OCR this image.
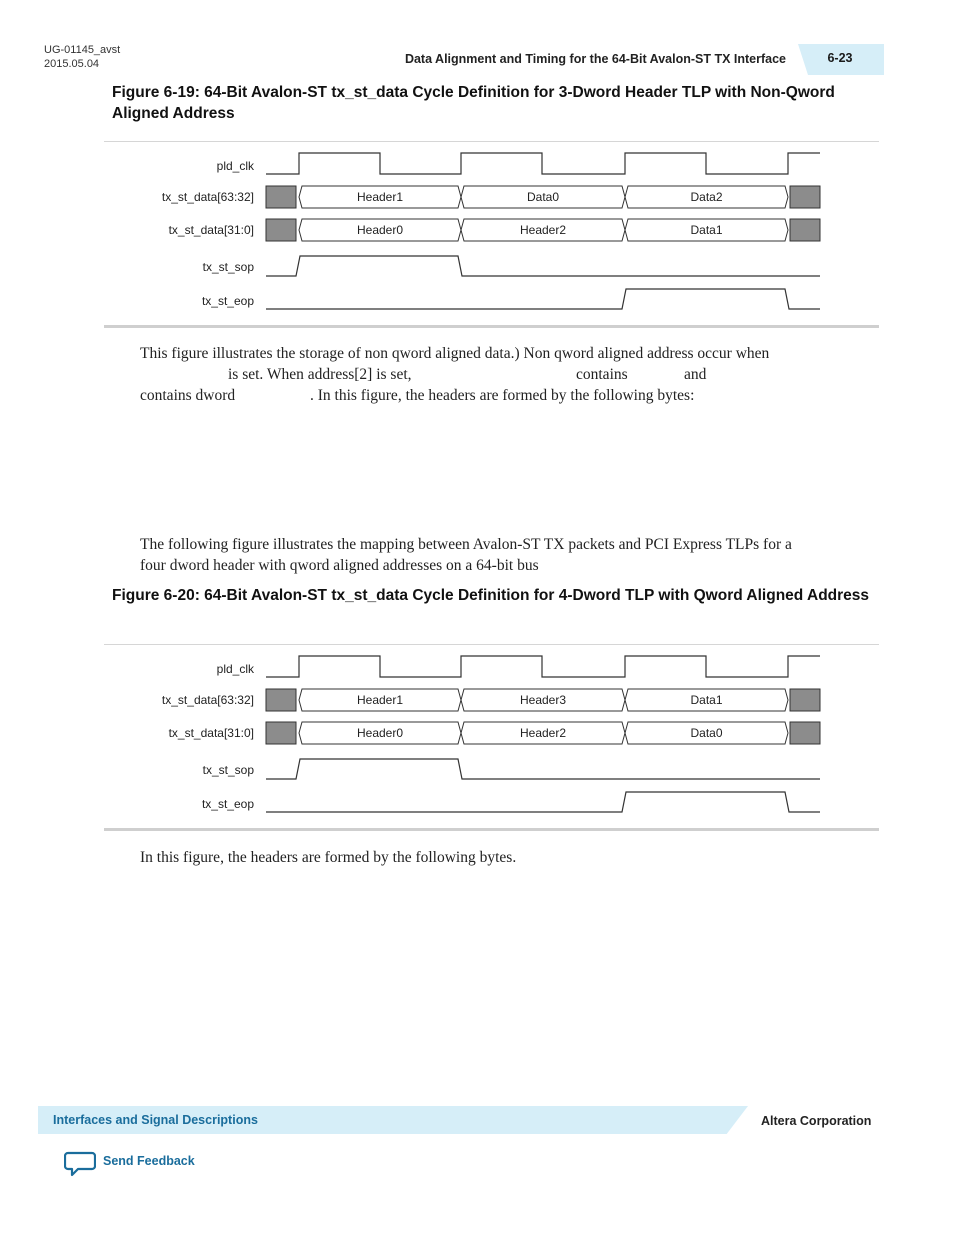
UG-01145_avst
2015.05.04	Data Alignment and Timing for the 64-Bit Avalon-ST TX Interface	6-23
Figure 6-19: 64-Bit Avalon-ST tx_st_data Cycle Definition for 3-Dword Header TLP with Non-Qword Aligned Address
pld_clk
tx_st_data[63:32]
tx_st_data[31:0]
tx_st_sop
tx_st_eop
Header1	Data0	Data2
Header0	Header2	Data1
This figure illustrates the storage of non qword aligned data.) Non qword aligned address occur when
is set. When address[2] is set,	contains	and
contains dword	. In this figure, the headers are formed by the following bytes:
The following figure illustrates the mapping between Avalon-ST TX packets and PCI Express TLPs for a
four dword header with qword aligned addresses on a 64-bit bus
Figure 6-20: 64-Bit Avalon-ST tx_st_data Cycle Definition for 4-Dword TLP with Qword Aligned Address
pld_clk
tx_st_data[63:32]
tx_st_data[31:0]
tx_st_sop
tx_st_eop
Header1	Header3	Data1
Header0	Header2	Data0
In this figure, the headers are formed by the following bytes.
Interfaces and Signal Descriptions	Altera Corporation
Send Feedback
